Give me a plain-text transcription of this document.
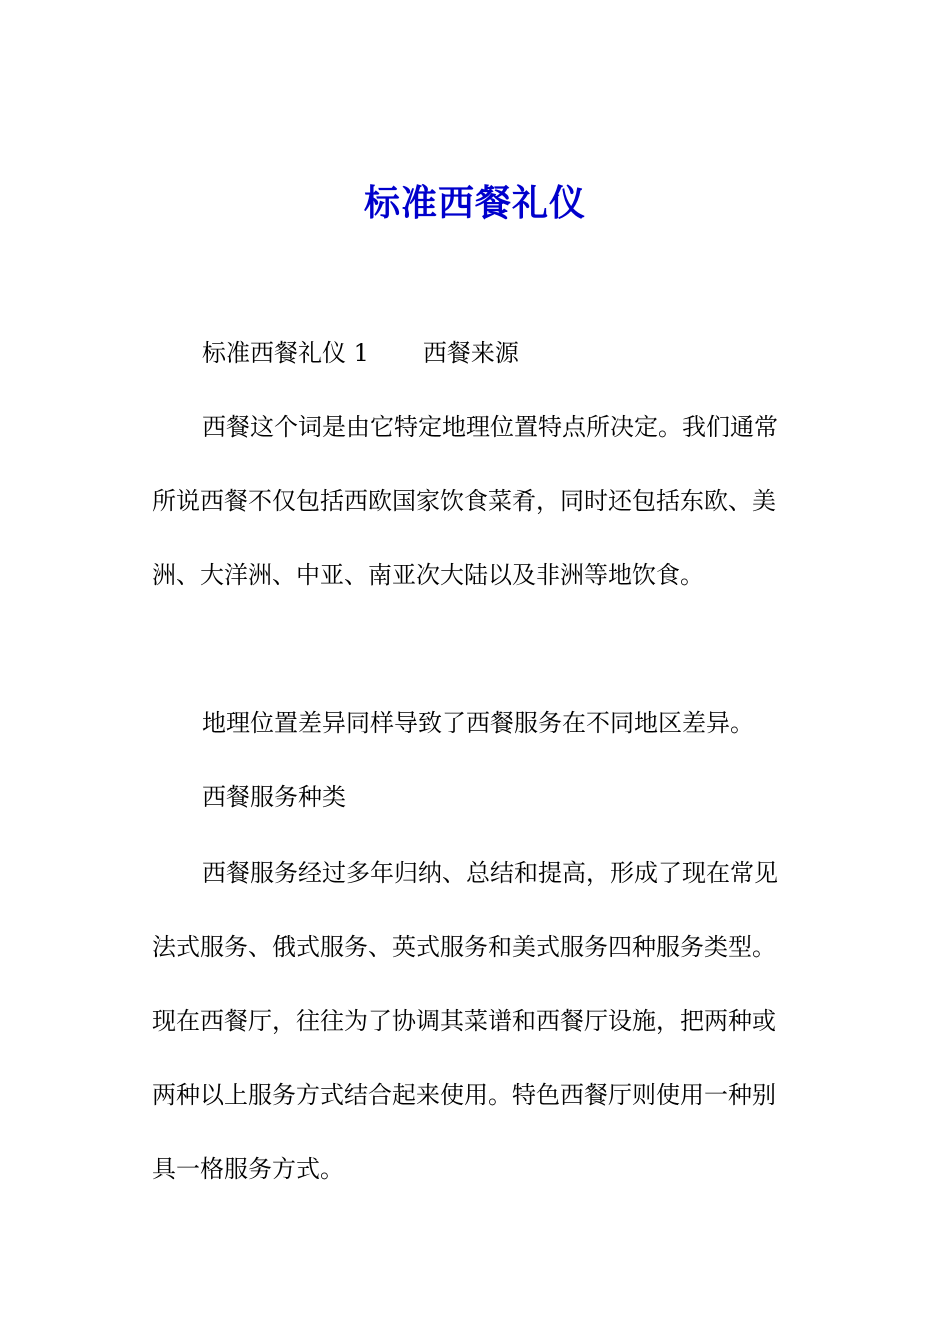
标准西餐礼仪

标准西餐礼仪 1 西餐来源

西餐这个词是由它特定地理位置特点所决定。我们通常所说西餐不仅包括西欧国家饮食菜肴，同时还包括东欧、美洲、大洋洲、中亚、南亚次大陆以及非洲等地饮食。

地理位置差异同样导致了西餐服务在不同地区差异。

西餐服务种类

西餐服务经过多年归纳、总结和提高，形成了现在常见法式服务、俄式服务、英式服务和美式服务四种服务类型。现在西餐厅，往往为了协调其菜谱和西餐厅设施，把两种或两种以上服务方式结合起来使用。特色西餐厅则使用一种别具一格服务方式。
